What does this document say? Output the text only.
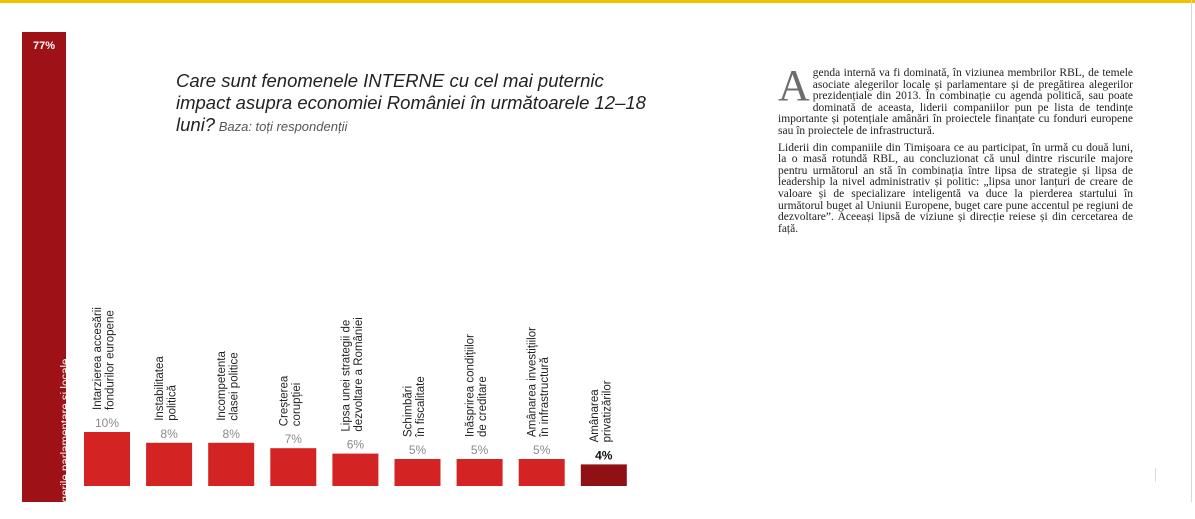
77%
Alegerile parlamentare și locale
Care sunt fenomenele INTERNE cu cel mai puternic impact asupra economiei României în următoarele 12–18 luni? Baza: toți respondenții
10%
Intarzierea accesăriifondurilor europene
8%
Instabilitateapolitică
8%
Incompetentaclasei politice
7%
Creștereacorupției
6%
Lipsa unei strategii dedezvoltare a României
5%
Schimbăriîn fiscalitate
5%
Inăsprirea condițiilorde creditare
5%
Amânarea investițiilorîn infrastructură
4%
Amânareaprivatizărilor

Agenda internă va fi dominată, în viziunea membrilor RBL, de temele asociate alegerilor locale și parlamentare și de pregătirea alegerilor prezidențiale din 2013. În combinație cu agenda politică, sau poate dominată de aceasta, liderii companiilor pun pe lista de tendințe importante și potențiale amânări în proiectele finanțate cu fonduri europene sau în proiectele de infrastructură.

Liderii din companiile din Timișoara ce au participat, în urmă cu două luni, la o masă rotundă RBL, au concluzionat că unul dintre riscurile majore pentru următorul an stă în combinația între lipsa de strategie și lipsa de leadership la nivel administrativ și politic: „lipsa unor lanțuri de creare de valoare și de specializare inteligentă va duce la pierderea startului în următorul buget al Uniunii Europene, buget care pune accentul pe regiuni de dezvoltare”. Aceeași lipsă de viziune și direcție reiese și din cercetarea de față.
